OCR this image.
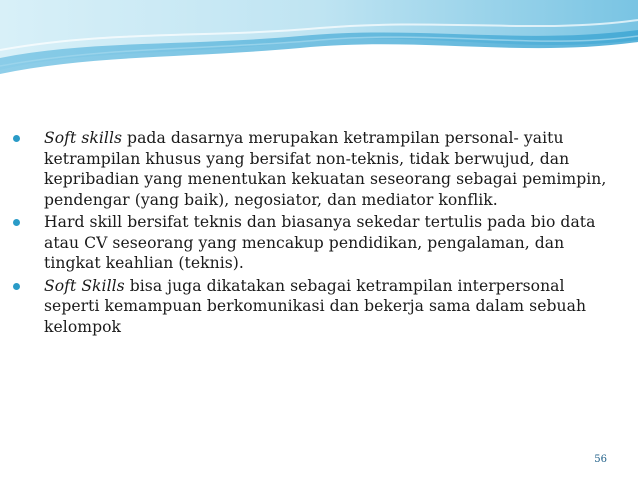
Soft skills pada dasarnya merupakan ketrampilan personal- yaitu ketrampilan khusus yang bersifat non-teknis, tidak berwujud, dan kepribadian yang menentukan kekuatan seseorang sebagai pemimpin, pendengar (yang baik), negosiator, dan mediator konflik.
Hard skill bersifat teknis dan biasanya sekedar tertulis pada bio data atau CV seseorang yang mencakup pendidikan, pengalaman, dan tingkat keahlian (teknis).
Soft Skills bisa juga dikatakan sebagai ketrampilan interpersonal seperti kemampuan berkomunikasi dan bekerja sama dalam sebuah kelompok
56
